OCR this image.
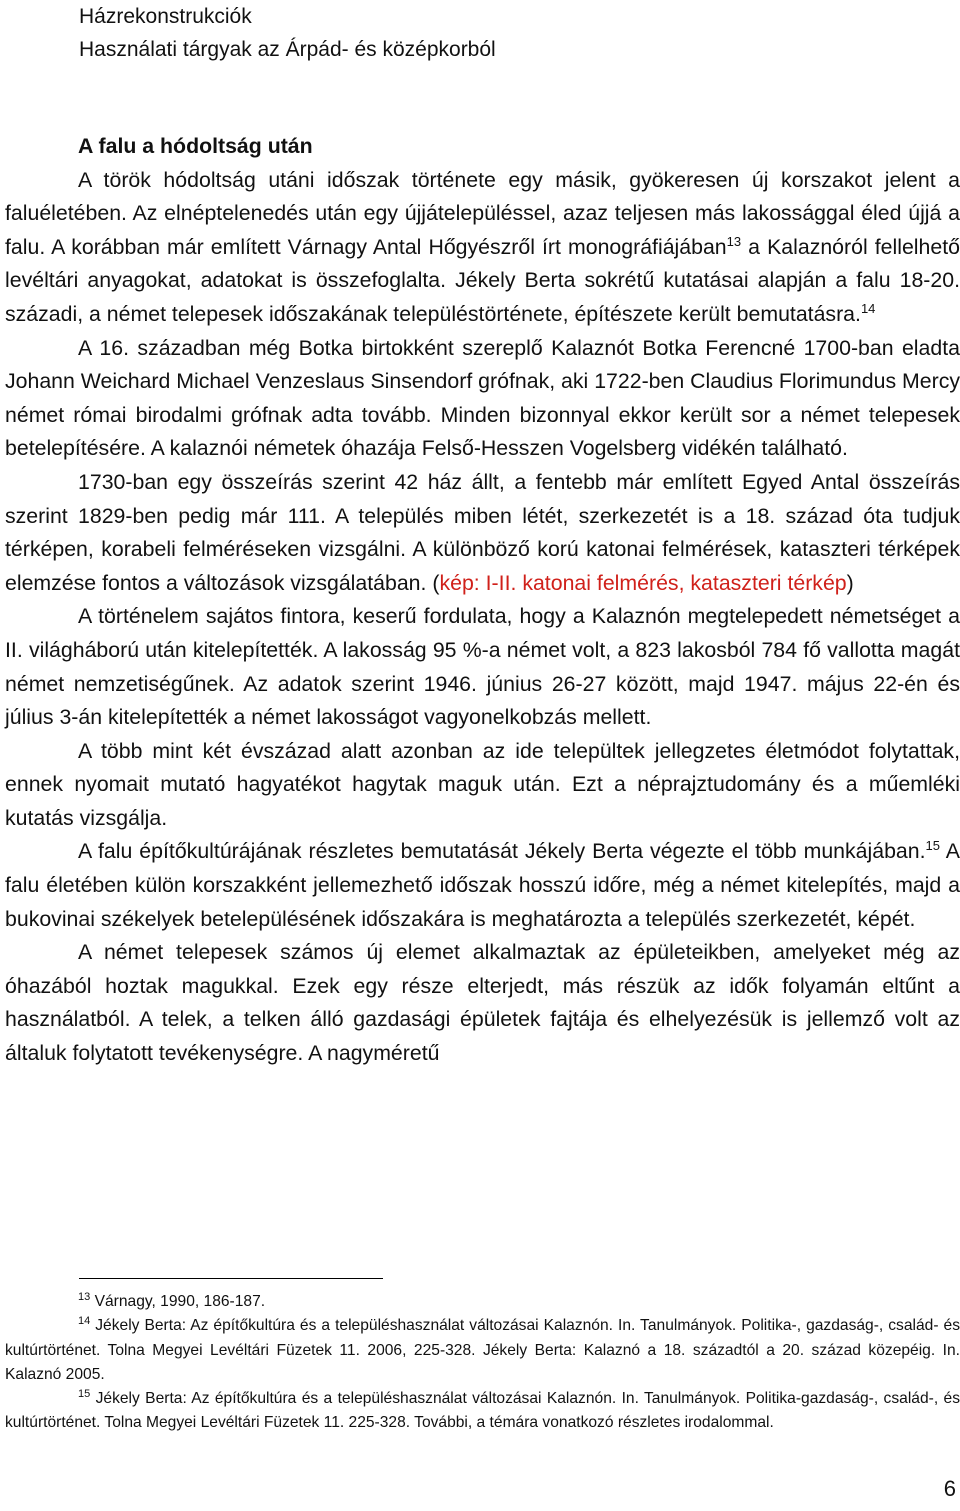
Házrekonstrukciók
Használati tárgyak az Árpád- és középkorból

A falu a hódoltság után

A török hódoltság utáni időszak története egy másik, gyökeresen új korszakot jelent a faluéletében. Az elnéptelenedés után egy újjátelepüléssel, azaz teljesen más lakossággal éled újjá a falu. A korábban már említett Várnagy Antal Hőgyészről írt monográfiájában$^{13}$ a Kalaznóról fellelhető levéltári anyagokat, adatokat is összefoglalta. Jékely Berta sokrétű kutatásai alapján a falu 18-20. századi, a német telepesek időszakának településtörténete, építészete került bemutatásra.$^{14}$

A 16. században még Botka birtokként szereplő Kalaznót Botka Ferencné 1700-ban eladta Johann Weichard Michael Venzeslaus Sinsendorf grófnak, aki 1722-ben Claudius Florimundus Mercy német római birodalmi grófnak adta tovább. Minden bizonnyal ekkor került sor a német telepesek betelepítésére. A kalaznói németek óhazája Felső-Hesszen Vogelsberg vidékén található.

1730-ban egy összeírás szerint 42 ház állt, a fentebb már említett Egyed Antal összeírás szerint 1829-ben pedig már 111. A település miben létét, szerkezetét is a 18. század óta tudjuk térképen, korabeli felméréseken vizsgálni. A különböző korú katonai felmérések, kataszteri térképek elemzése fontos a változások vizsgálatában. (kép: I-II. katonai felmérés, kataszteri térkép)

A történelem sajátos fintora, keserű fordulata, hogy a Kalaznón megtelepedett németséget a II. világháború után kitelepítették. A lakosság 95 %-a német volt, a 823 lakosból 784 fő vallotta magát német nemzetiségűnek. Az adatok szerint 1946. június 26-27 között, majd 1947. május 22-én és július 3-án kitelepítették a német lakosságot vagyonelkobzás mellett.

A több mint két évszázad alatt azonban az ide települtek jellegzetes életmódot folytattak, ennek nyomait mutató hagyatékot hagytak maguk után. Ezt a néprajztudomány és a műemléki kutatás vizsgálja.

A falu építőkultúrájának részletes bemutatását Jékely Berta végezte el több munkájában.$^{15}$ A falu életében külön korszakként jellemezhető időszak hosszú időre, még a német kitelepítés, majd a bukovinai székelyek betelepülésének időszakára is meghatározta a település szerkezetét, képét.

A német telepesek számos új elemet alkalmaztak az épületeikben, amelyeket még az óhazából hoztak magukkal. Ezek egy része elterjedt, más részük az idők folyamán eltűnt a használatból. A telek, a telken álló gazdasági épületek fajtája és elhelyezésük is jellemző volt az általuk folytatott tevékenységre. A nagyméretű

$^{13}$ Várnagy, 1990, 186-187.

$^{14}$ Jékely Berta: Az építőkultúra és a településhasználat változásai Kalaznón. In. Tanulmányok. Politika-, gazdaság-, család- és kultúrtörténet. Tolna Megyei Levéltári Füzetek 11. 2006, 225-328. Jékely Berta: Kalaznó a 18. századtól a 20. század közepéig. In. Kalaznó 2005.

$^{15}$ Jékely Berta: Az építőkultúra és a településhasználat változásai Kalaznón. In. Tanulmányok. Politika-gazdaság-, család-, és kultúrtörténet. Tolna Megyei Levéltári Füzetek 11. 225-328. További, a témára vonatkozó részletes irodalommal.

6
